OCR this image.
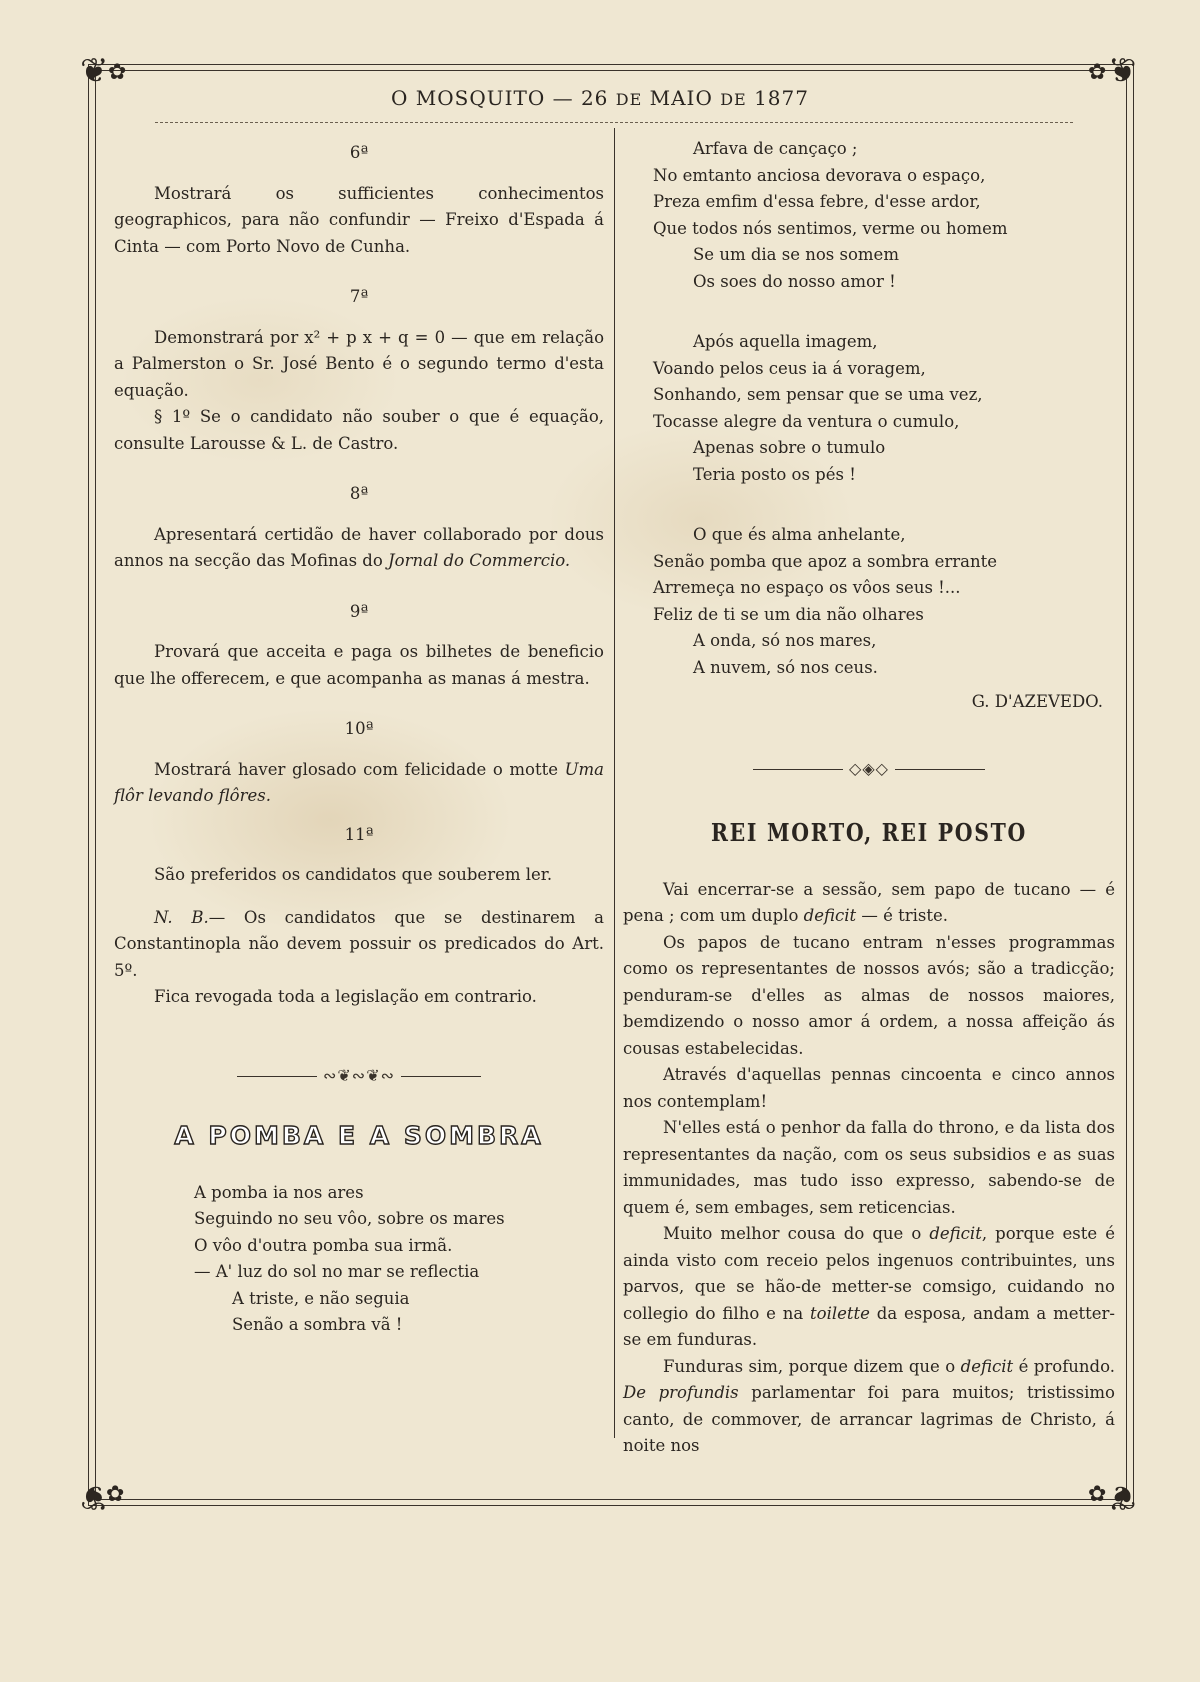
❦ ✿	❦
✿
❦
✿	❦
✿
O MOSQUITO — 26 DE MAIO DE 1877
6ª

Mostrará os sufficientes conhecimentos geographicos, para não confundir — Freixo d'Espada á Cinta — com Porto Novo de Cunha.

7ª

Demonstrará por x² + p x + q = 0 — que em relação a Palmerston o Sr. José Bento é o segundo termo d'esta equação.

§ 1º Se o candidato não souber o que é equação, consulte Larousse & L. de Castro.

8ª

Apresentará certidão de haver collaborado por dous annos na secção das Mofinas do Jornal do Commercio.

9ª

Provará que acceita e paga os bilhetes de beneficio que lhe offerecem, e que acompanha as manas á mestra.

10ª

Mostrará haver glosado com felicidade o motte Uma flôr levando flôres.

11ª

São preferidos os candidatos que souberem ler.

N. B.— Os candidatos que se destinarem a Constantinopla não devem possuir os predicados do Art. 5º.

Fica revogada toda a legislação em contrario.

∾❦∾❦∾
A POMBA E A SOMBRA

A pomba ia nos ares

Seguindo no seu vôo, sobre os mares

O vôo d'outra pomba sua irmã.

— A' luz do sol no mar se reflectia

A triste, e não seguia

Senão a sombra vã !

Arfava de cançaço ;

No emtanto anciosa devorava o espaço,

Preza emfim d'essa febre, d'esse ardor,

Que todos nós sentimos, verme ou homem

Se um dia se nos somem

Os soes do nosso amor !

Após aquella imagem,

Voando pelos ceus ia á voragem,

Sonhando, sem pensar que se uma vez,

Tocasse alegre da ventura o cumulo,

Apenas sobre o tumulo

Teria posto os pés !

O que és alma anhelante,

Senão pomba que apoz a sombra errante

Arremeça no espaço os vôos seus !...

Feliz de ti se um dia não olhares

A onda, só nos mares,

A nuvem, só nos ceus.

G. D'AZEVEDO.
◇◈◇
REI MORTO, REI POSTO

Vai encerrar-se a sessão, sem papo de tucano — é pena ; com um duplo deficit — é triste.

Os papos de tucano entram n'esses programmas como os representantes de nossos avós; são a tradicção; penduram-se d'elles as almas de nossos maiores, bemdizendo o nosso amor á ordem, a nossa affeição ás cousas estabelecidas.

Através d'aquellas pennas cincoenta e cinco annos nos contemplam!

N'elles está o penhor da falla do throno, e da lista dos representantes da nação, com os seus subsidios e as suas immunidades, mas tudo isso expresso, sabendo-se de quem é, sem embages, sem reticencias.

Muito melhor cousa do que o deficit, porque este é ainda visto com receio pelos ingenuos contribuintes, uns parvos, que se hão-de metter-se comsigo, cuidando no collegio do filho e na toilette da esposa, andam a metter-se em funduras.

Funduras sim, porque dizem que o deficit é profundo. De profundis parlamentar foi para muitos; tristissimo canto, de commover, de arrancar lagrimas de Christo, á noite nos
